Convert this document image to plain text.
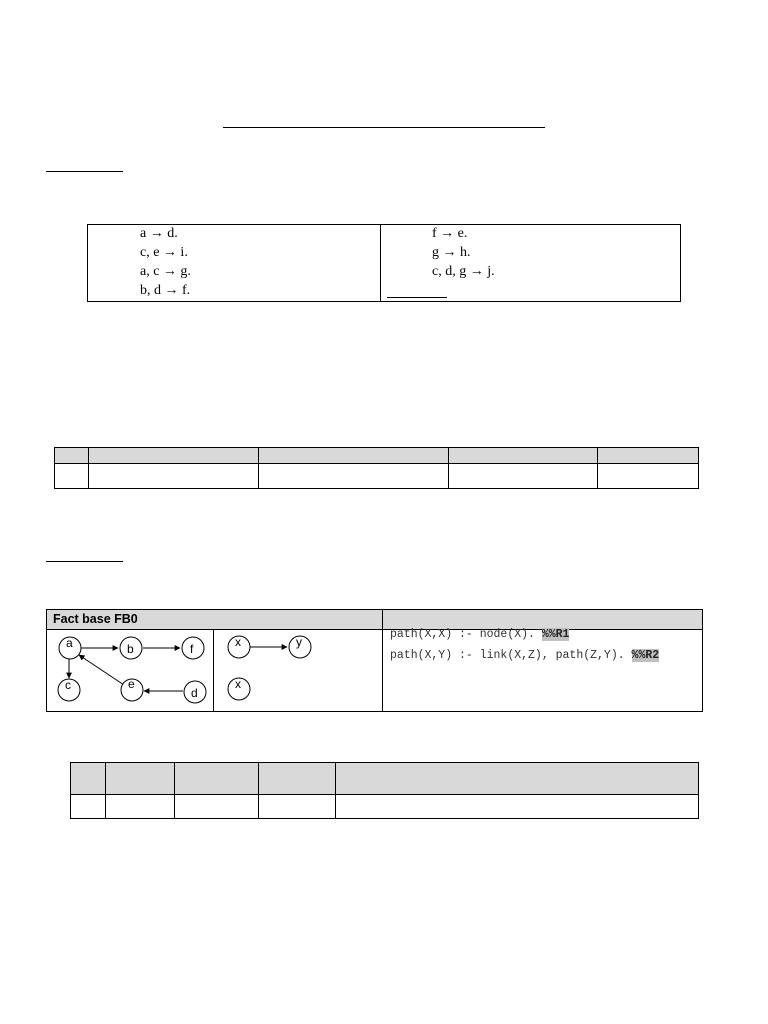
a → d.
c, e → i.
a, c → g.
b, d → f.
f → e.
g → h.
c, d, g → j.

Fact base FB0
a	b	f
c	e
d
x	y
x
path(X,X) :- node(X). %%R1
path(X,Y) :- link(X,Z), path(Z,Y). %%R2
